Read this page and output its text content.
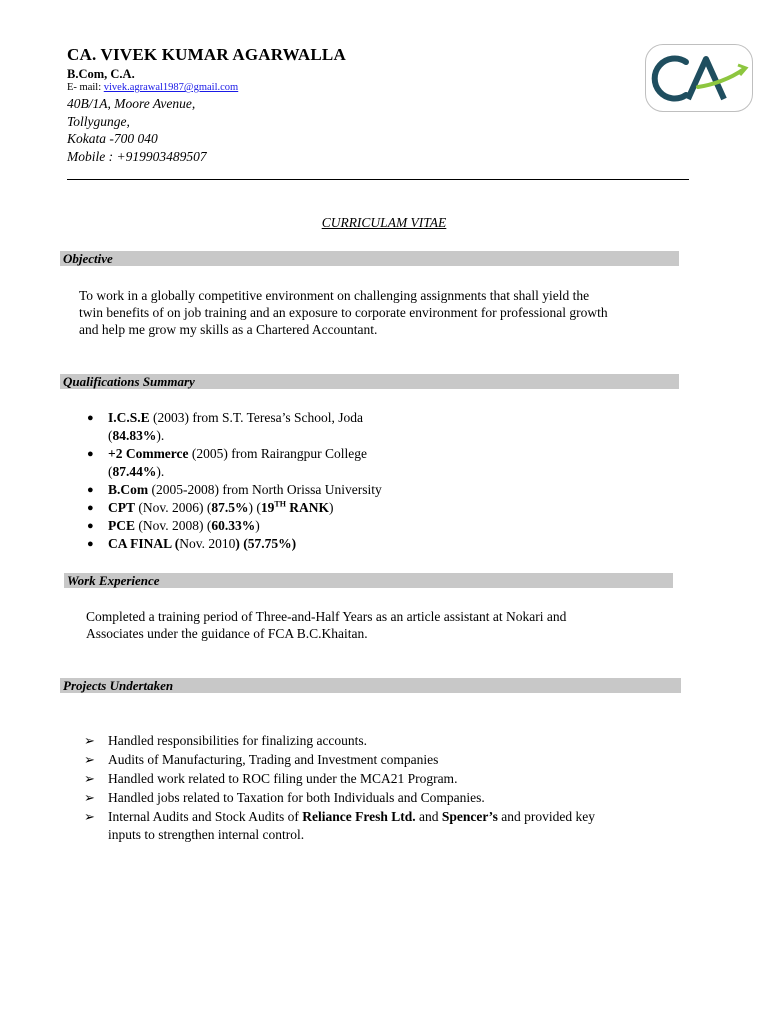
CA. VIVEK KUMAR AGARWALLA
B.Com, C.A.
E- mail: vivek.agrawal1987@gmail.com
40B/1A, Moore Avenue,
Tollygunge,
Kokata -700 040
Mobile : +919903489507
CURRICULAM VITAE
Objective
To work in a globally competitive environment on challenging assignments that shall yield the
twin benefits of on job training and an exposure to corporate environment for professional growth
and help me grow my skills as a Chartered Accountant.
Qualifications Summary
● I.C.S.E (2003) from S.T. Teresa’s School, Joda
(84.83%).
● +2 Commerce (2005) from Rairangpur College
(87.44%).
● B.Com (2005-2008) from North Orissa University
● CPT (Nov. 2006) (87.5%) (19TH RANK)
● PCE (Nov. 2008) (60.33%)
● CA FINAL (Nov. 2010) (57.75%)
Work Experience
Completed a training period of Three-and-Half Years as an article assistant at Nokari and
Associates under the guidance of FCA B.C.Khaitan.
Projects Undertaken
➢ Handled responsibilities for finalizing accounts.
➢ Audits of Manufacturing, Trading and Investment companies
➢ Handled work related to ROC filing under the MCA21 Program.
➢ Handled jobs related to Taxation for both Individuals and Companies.
➢ Internal Audits and Stock Audits of Reliance Fresh Ltd. and Spencer’s and provided key
inputs to strengthen internal control.
